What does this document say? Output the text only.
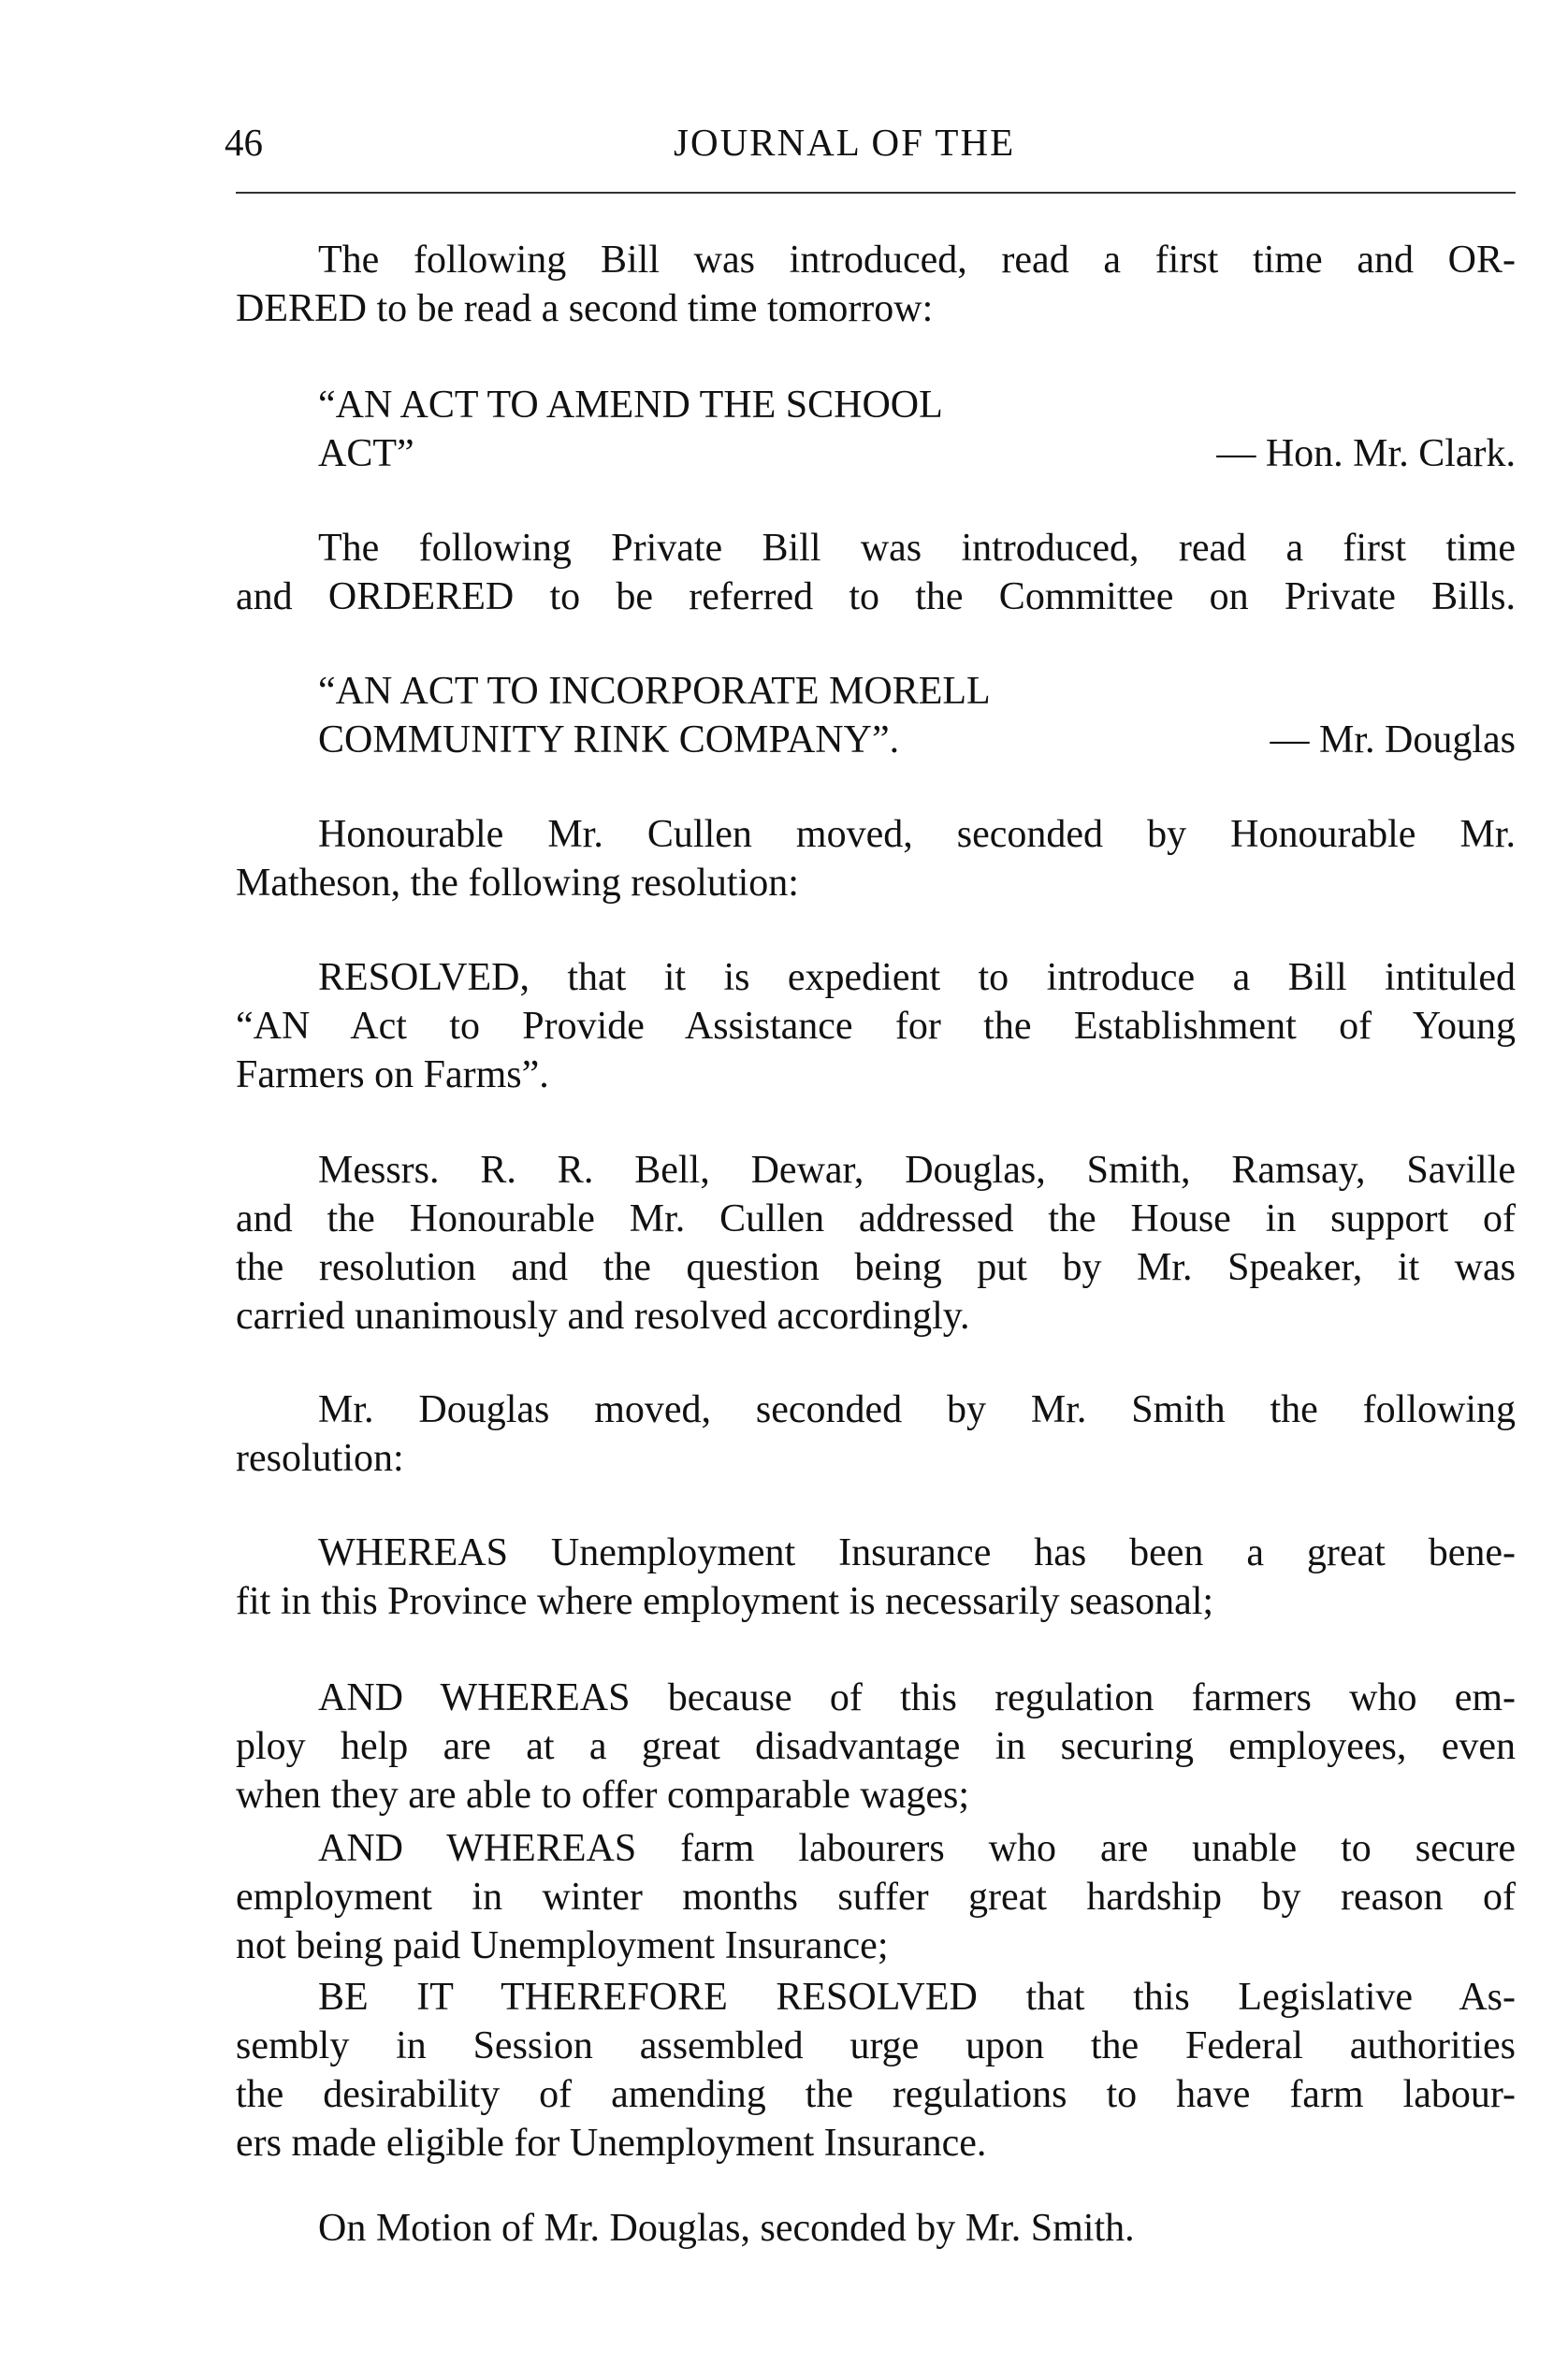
46	JOURNAL OF THE
The following Bill was introduced, read a first time and OR-
DERED to be read a second time tomorrow:
“AN ACT TO AMEND THE SCHOOL
ACT”	— Hon. Mr. Clark.
The following Private Bill was introduced, read a first time
and ORDERED to be referred to the Committee on Private Bills.
“AN ACT TO INCORPORATE MORELL
COMMUNITY RINK COMPANY”.	— Mr. Douglas
Honourable Mr. Cullen moved, seconded by Honourable Mr.
Matheson, the following resolution:
RESOLVED, that it is expedient to introduce a Bill intituled
“AN Act to Provide Assistance for the Establishment of Young
Farmers on Farms”.
Messrs. R. R. Bell, Dewar, Douglas, Smith, Ramsay, Saville
and the Honourable Mr. Cullen addressed the House in support of
the resolution and the question being put by Mr. Speaker, it was
carried unanimously and resolved accordingly.
Mr. Douglas moved, seconded by Mr. Smith the following
resolution:
WHEREAS Unemployment Insurance has been a great bene-
fit in this Province where employment is necessarily seasonal;
AND WHEREAS because of this regulation farmers who em-
ploy help are at a great disadvantage in securing employees, even
when they are able to offer comparable wages;
AND WHEREAS farm labourers who are unable to secure
employment in winter months suffer great hardship by reason of
not being paid Unemployment Insurance;
BE IT THEREFORE RESOLVED that this Legislative As-
sembly in Session assembled urge upon the Federal authorities
the desirability of amending the regulations to have farm labour-
ers made eligible for Unemployment Insurance.
On Motion of Mr. Douglas, seconded by Mr. Smith.
